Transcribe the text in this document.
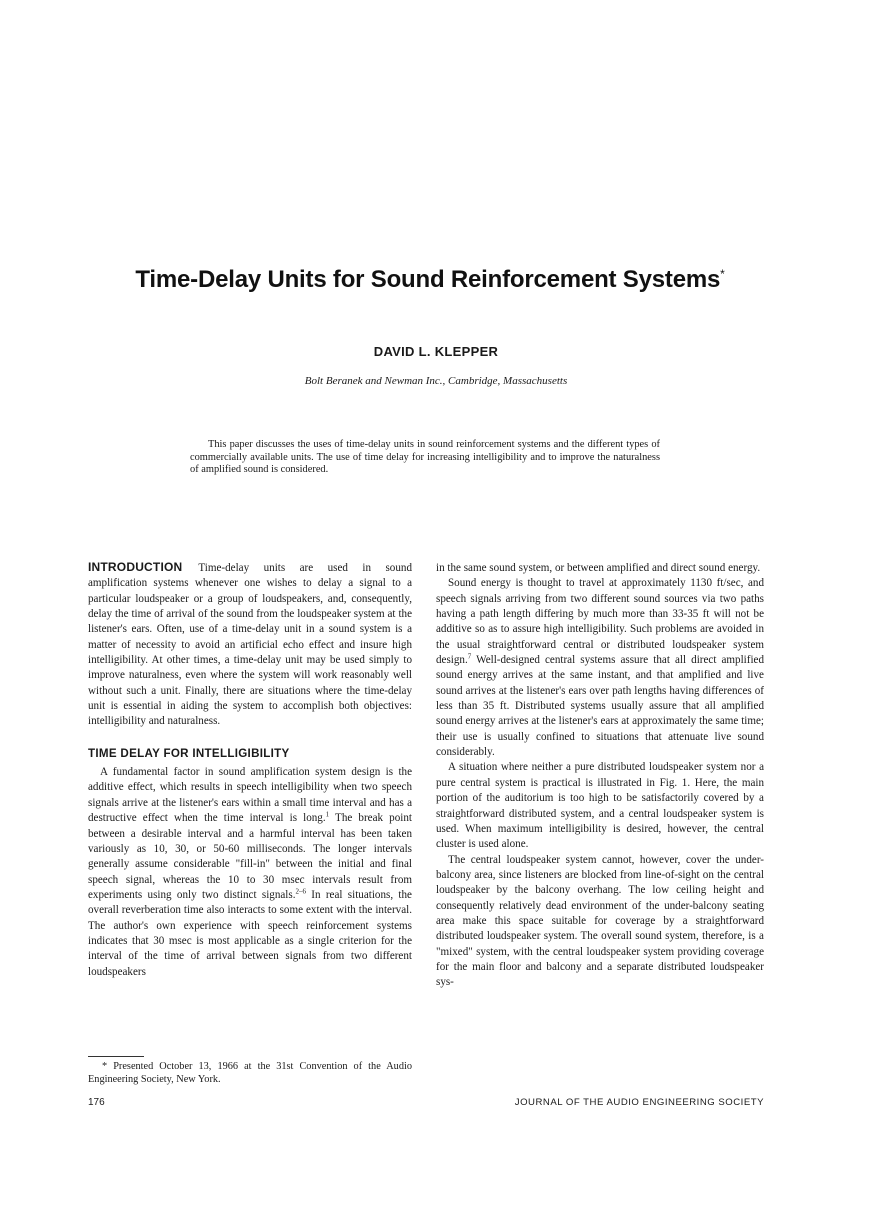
Time-Delay Units for Sound Reinforcement Systems*
DAVID L. KLEPPER
Bolt Beranek and Newman Inc., Cambridge, Massachusetts
This paper discusses the uses of time-delay units in sound reinforcement systems and the different types of commercially available units. The use of time delay for increasing intelligibility and to improve the naturalness of amplified sound is considered.

INTRODUCTION Time-delay units are used in sound amplification systems whenever one wishes to delay a signal to a particular loudspeaker or a group of loudspeakers, and, consequently, delay the time of arrival of the sound from the loudspeaker system at the listener's ears. Often, use of a time-delay unit in a sound system is a matter of necessity to avoid an artificial echo effect and insure high intelligibility. At other times, a time-delay unit may be used simply to improve naturalness, even where the system will work reasonably well without such a unit. Finally, there are situations where the time-delay unit is essential in aiding the system to accomplish both objectives: intelligibility and naturalness.

TIME DELAY FOR INTELLIGIBILITY

A fundamental factor in sound amplification system design is the additive effect, which results in speech intelligibility when two speech signals arrive at the listener's ears within a small time interval and has a destructive effect when the time interval is long.$^1$ The break point between a desirable interval and a harmful interval has been taken variously as 10, 30, or 50-60 milliseconds. The longer intervals generally assume considerable "fill-in" between the initial and final speech signal, whereas the 10 to 30 msec intervals result from experiments using only two distinct signals.$^{2-6}$ In real situations, the overall reverberation time also interacts to some extent with the interval. The author's own experience with speech reinforcement systems indicates that 30 msec is most applicable as a single criterion for the interval of the time of arrival between signals from two different loudspeakers

in the same sound system, or between amplified and direct sound energy.

Sound energy is thought to travel at approximately 1130 ft/sec, and speech signals arriving from two different sound sources via two paths having a path length differing by much more than 33-35 ft will not be additive so as to assure high intelligibility. Such problems are avoided in the usual straightforward central or distributed loudspeaker system design.$^7$ Well-designed central systems assure that all direct amplified sound energy arrives at the same instant, and that amplified and live sound arrives at the listener's ears over path lengths having differences of less than 35 ft. Distributed systems usually assure that all amplified sound energy arrives at the listener's ears at approximately the same time; their use is usually confined to situations that attenuate live sound considerably.

A situation where neither a pure distributed loudspeaker system nor a pure central system is practical is illustrated in Fig. 1. Here, the main portion of the auditorium is too high to be satisfactorily covered by a straightforward distributed system, and a central loudspeaker system is used. When maximum intelligibility is desired, however, the central cluster is used alone.

The central loudspeaker system cannot, however, cover the under-balcony area, since listeners are blocked from line-of-sight on the central loudspeaker by the balcony overhang. The low ceiling height and consequently relatively dead environment of the under-balcony seating area make this space suitable for coverage by a straightforward distributed loudspeaker system. The overall sound system, therefore, is a "mixed" system, with the central loudspeaker system providing coverage for the main floor and balcony and a separate distributed loudspeaker sys-

* Presented October 13, 1966 at the 31st Convention of the Audio Engineering Society, New York.
176	JOURNAL OF THE AUDIO ENGINEERING SOCIETY
